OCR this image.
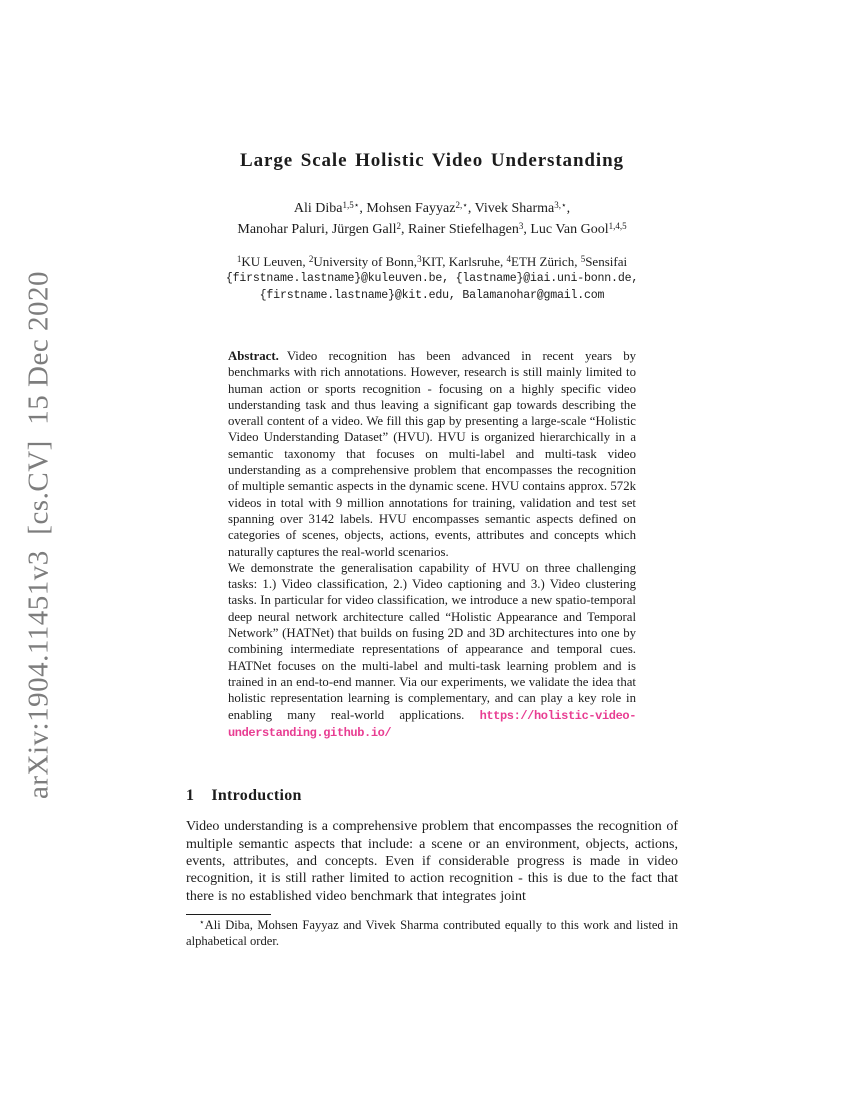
arXiv:1904.11451v3  [cs.CV]  15 Dec 2020
Large Scale Holistic Video Understanding
Ali Diba$^{1,5⋆}$, Mohsen Fayyaz$^{2,⋆}$, Vivek Sharma$^{3,⋆}$,
Manohar Paluri, Jürgen Gall$^2$, Rainer Stiefelhagen$^3$, Luc Van Gool$^{1,4,5}$
$^1$KU Leuven, $^2$University of Bonn,$^3$KIT, Karlsruhe, $^4$ETH Zürich, $^5$Sensifai
{firstname.lastname}@kuleuven.be, {lastname}@iai.uni-bonn.de,
{firstname.lastname}@kit.edu, Balamanohar@gmail.com

Abstract. Video recognition has been advanced in recent years by benchmarks with rich annotations. However, research is still mainly limited to human action or sports recognition - focusing on a highly specific video understanding task and thus leaving a significant gap towards describing the overall content of a video. We fill this gap by presenting a large-scale “Holistic Video Understanding Dataset” (HVU). HVU is organized hierarchically in a semantic taxonomy that focuses on multi-label and multi-task video understanding as a comprehensive problem that encompasses the recognition of multiple semantic aspects in the dynamic scene. HVU contains approx. 572k videos in total with 9 million annotations for training, validation and test set spanning over 3142 labels. HVU encompasses semantic aspects defined on categories of scenes, objects, actions, events, attributes and concepts which naturally captures the real-world scenarios.

We demonstrate the generalisation capability of HVU on three challenging tasks: 1.) Video classification, 2.) Video captioning and 3.) Video clustering tasks. In particular for video classification, we introduce a new spatio-temporal deep neural network architecture called “Holistic Appearance and Temporal Network” (HATNet) that builds on fusing 2D and 3D architectures into one by combining intermediate representations of appearance and temporal cues. HATNet focuses on the multi-label and multi-task learning problem and is trained in an end-to-end manner. Via our experiments, we validate the idea that holistic representation learning is complementary, and can play a key role in enabling many real-world applications. https://holistic-video-understanding.github.io/

1 Introduction

Video understanding is a comprehensive problem that encompasses the recognition of multiple semantic aspects that include: a scene or an environment, objects, actions, events, attributes, and concepts. Even if considerable progress is made in video recognition, it is still rather limited to action recognition - this is due to the fact that there is no established video benchmark that integrates joint

⋆Ali Diba, Mohsen Fayyaz and Vivek Sharma contributed equally to this work and listed in alphabetical order.
